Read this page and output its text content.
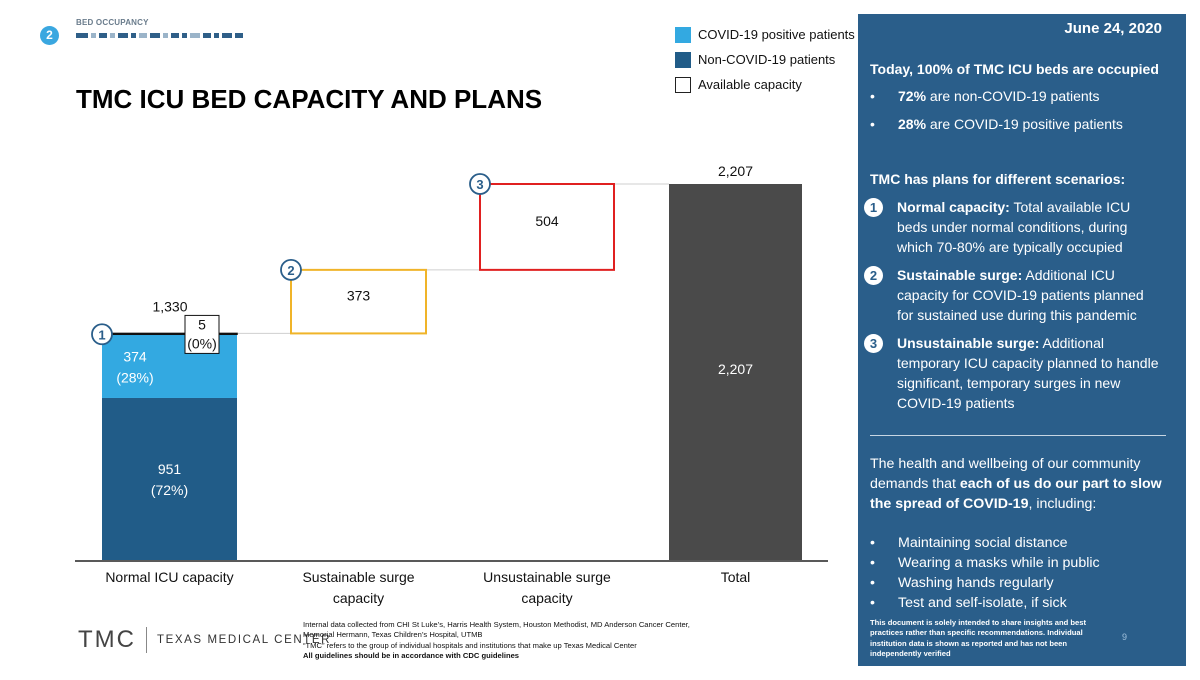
2
BED OCCUPANCY
TMC ICU BED CAPACITY AND PLANS
COVID-19 positive patients
Non-COVID-19 patients
Available capacity
951
(72%)
374
(28%)
5
(0%)
1,330
373
504
2,207
2,207
1
2
3
Normal ICU capacity	Sustainable surge
capacity
Unsustainable surge
capacity
Total
TMC TEXAS MEDICAL CENTER
Internal data collected from CHI St Luke’s, Harris Health System, Houston Methodist, MD Anderson Cancer Center,
Memorial Hermann, Texas Children’s Hospital, UTMB
“TMC” refers to the group of individual hospitals and institutions that make up Texas Medical Center
All guidelines should be in accordance with CDC guidelines
June 24, 2020
Today, 100% of TMC ICU beds are occupied
• 72% are non-COVID-19 patients
• 28% are COVID-19 positive patients
TMC has plans for different scenarios:
1	Normal capacity: Total available ICU beds under normal conditions, during which 70-80% are typically occupied
2	Sustainable surge: Additional ICU capacity for COVID-19 patients planned for sustained use during this pandemic
3	Unsustainable surge: Additional temporary ICU capacity planned to handle significant, temporary surges in new COVID-19 patients
The health and wellbeing of our community demands that each of us do our part to slow the spread of COVID-19, including:
• Maintaining social distance
• Wearing a masks while in public
• Washing hands regularly
• Test and self-isolate, if sick
This document is solely intended to share insights and best practices rather than specific recommendations. Individual institution data is shown as reported and has not been independently verified
9
